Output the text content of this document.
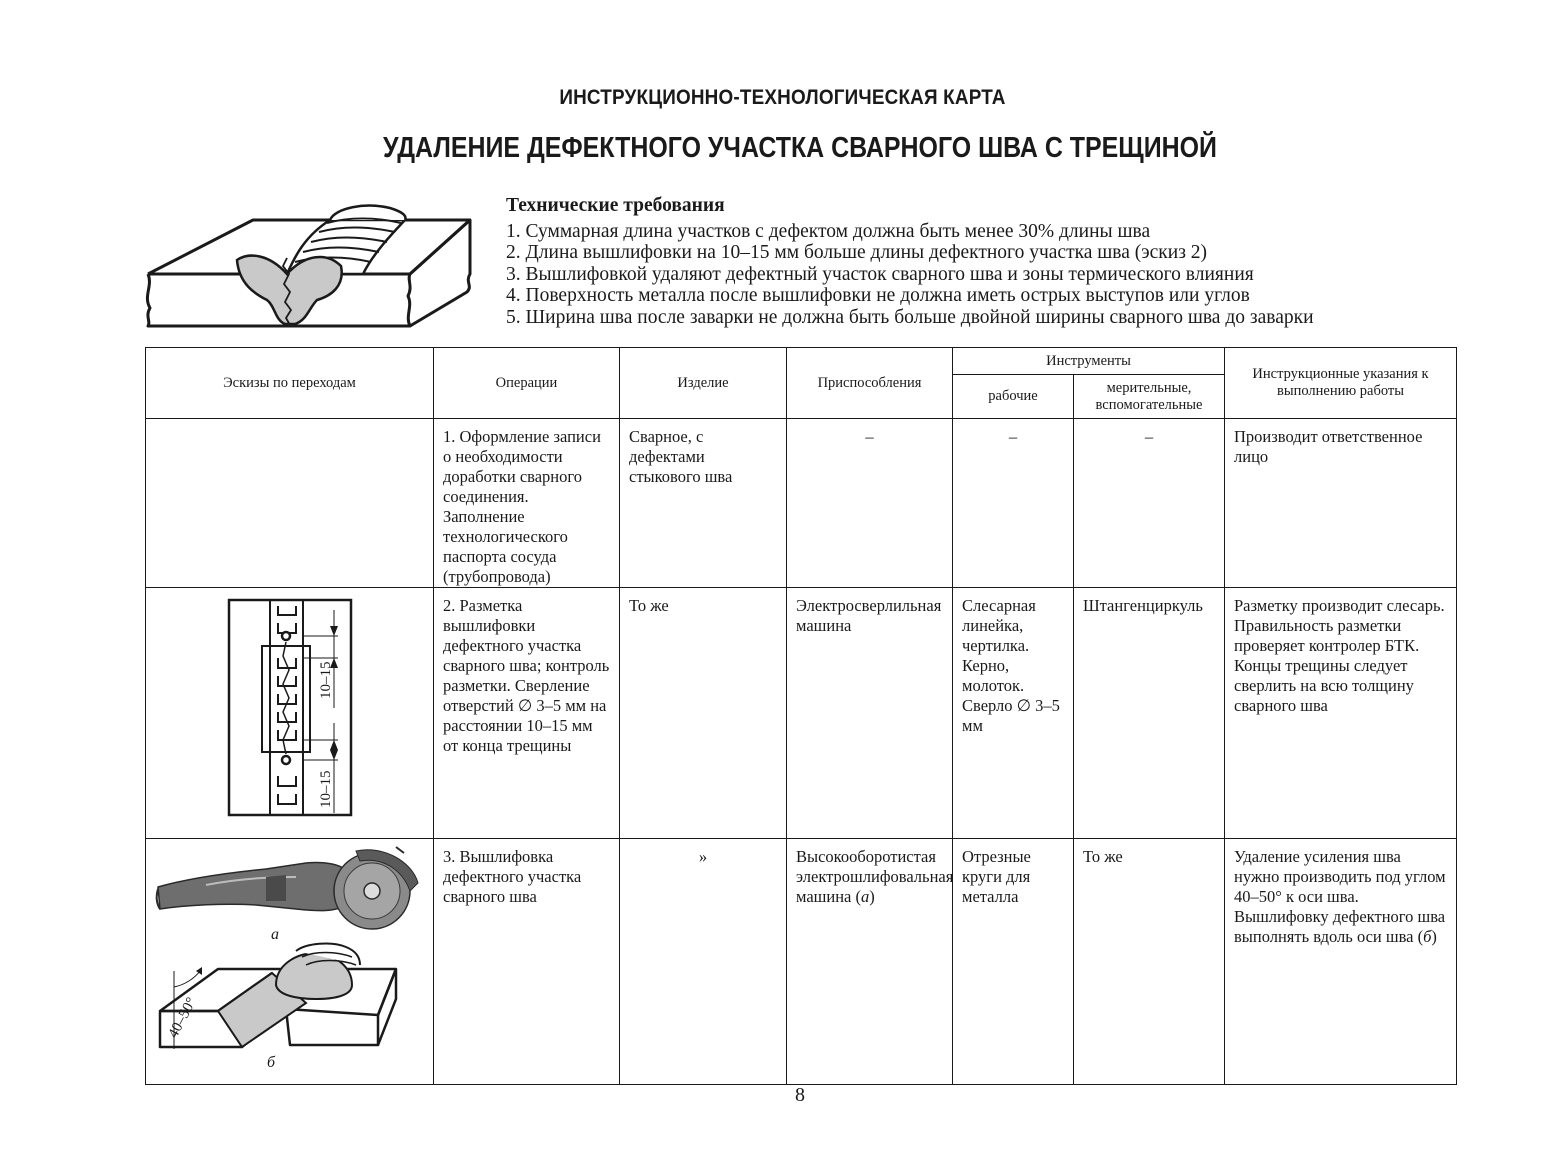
ИНСТРУКЦИОННО-ТЕХНОЛОГИЧЕСКАЯ КАРТА
УДАЛЕНИЕ ДЕФЕКТНОГО УЧАСТКА СВАРНОГО ШВА С ТРЕЩИНОЙ
Технические требования
1. Суммарная длина участков с дефектом должна быть менее 30% длины шва
2. Длина вышлифовки на 10–15 мм больше длины дефектного участка шва (эскиз 2)
3. Вышлифовкой удаляют дефектный участок сварного шва и зоны термического влияния
4. Поверхность металла после вышлифовки не должна иметь острых выступов или углов
5. Ширина шва после заварки не должна быть больше двойной ширины сварного шва до заварки
Эскизы по переходам	Операции	Изделие	Приспособления	Инструменты		Инструкционные указания к выполнению работы
				рабочие	мерительные, вспомогательные	
	1. Оформление записи о необходимости доработки сварного соединения. Заполнение технологического паспорта сосуда (трубопровода)	Сварное, с дефектами стыкового шва	–	–	–	Производит ответственное лицо

10–15
10–15	2. Разметка вышлифовки дефектного участка сварного шва; контроль разметки. Сверление отверстий ∅ 3–5 мм на расстоянии 10–15 мм от конца трещины	То же	Электросверлильная машина	Слесарная линейка, чертилка. Керно, молоток. Сверло ∅ 3–5 мм	Штангенциркуль	Разметку производит слесарь. Правильность разметки проверяет контролер БТК. Концы трещины следует сверлить на всю толщину сварного шва

а
40–50°
б	3. Вышлифовка дефектного участка сварного шва	»	Высокооборотистая электрошлифовальная машина (а)	Отрезные круги для металла	То же	Удаление усиления шва нужно производить под углом 40–50° к оси шва. Вышлифовку дефектного шва выполнять вдоль оси шва (б)
8
